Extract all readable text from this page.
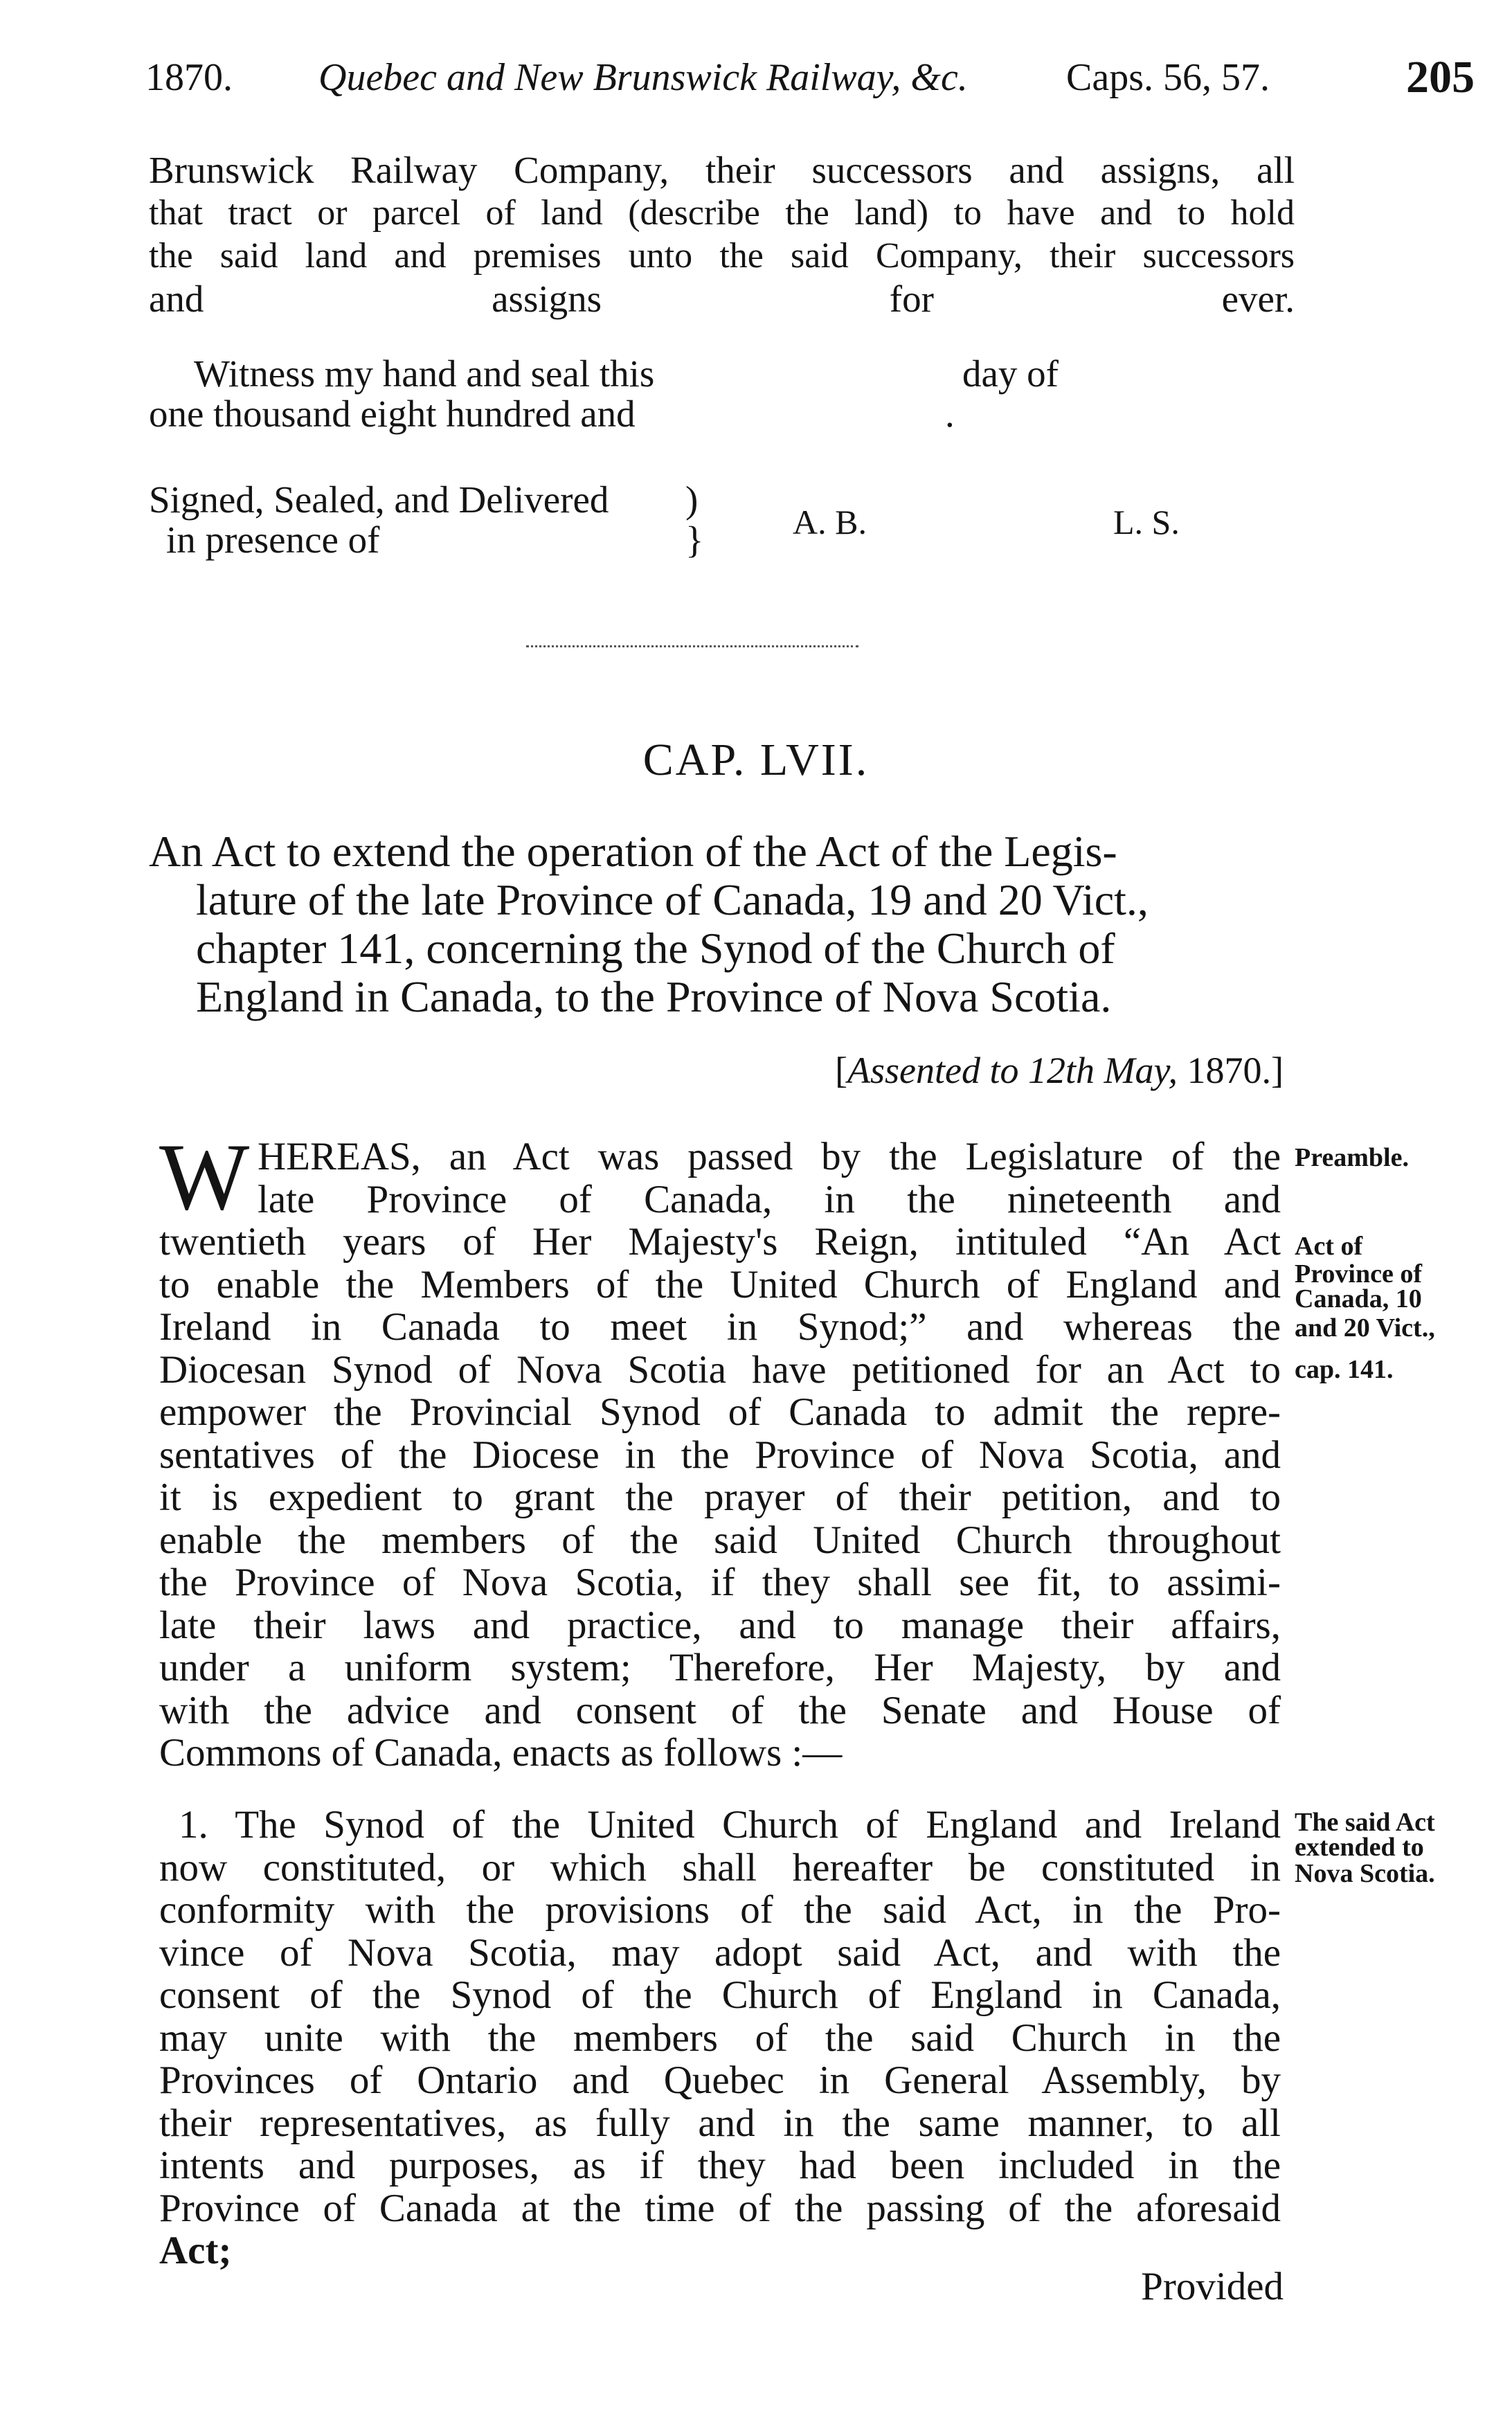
1870. Quebec and New Brunswick Railway, &c.	Caps. 56, 57.	205
Brunswick Railway Company, their successors and assigns, all
that tract or parcel of land (describe the land) to have and to hold
the said land and premises unto the said Company, their successors
and assigns for ever.
Witness my hand and seal this	day of
one thousand eight hundred and	.
Signed, Sealed, and Delivered
in presence of
)
}	A. B.	L. S.
CAP. LVII.
An Act to extend the operation of the Act of the Legis-
lature of the late Province of Canada, 19 and 20 Vict.,
chapter 141, concerning the Synod of the Church of
England in Canada, to the Province of Nova Scotia.
[Assented to 12th May, 1870.]
W HEREAS, an Act was passed by the Legislature of the
late Province of Canada, in the nineteenth and
twentieth years of Her Majesty's Reign, intituled “An Act
to enable the Members of the United Church of England and
Ireland in Canada to meet in Synod;” and whereas the
Diocesan Synod of Nova Scotia have petitioned for an Act to
empower the Provincial Synod of Canada to admit the repre-
sentatives of the Diocese in the Province of Nova Scotia, and
it is expedient to grant the prayer of their petition, and to
enable the members of the said United Church throughout
the Province of Nova Scotia, if they shall see fit, to assimi-
late their laws and practice, and to manage their affairs,
under a uniform system; Therefore, Her Majesty, by and
with the advice and consent of the Senate and House of
Commons of Canada, enacts as follows :—
Preamble.
Act of
Province of
Canada, 10
and 20 Vict.,
cap. 141.
1. The Synod of the United Church of England and Ireland
now constituted, or which shall hereafter be constituted in
conformity with the provisions of the said Act, in the Pro-
vince of Nova Scotia, may adopt said Act, and with the
consent of the Synod of the Church of England in Canada,
may unite with the members of the said Church in the
Provinces of Ontario and Quebec in General Assembly, by
their representatives, as fully and in the same manner, to all
intents and purposes, as if they had been included in the
Province of Canada at the time of the passing of the aforesaid
Act;
The said Act
extended to
Nova Scotia.
Provided
